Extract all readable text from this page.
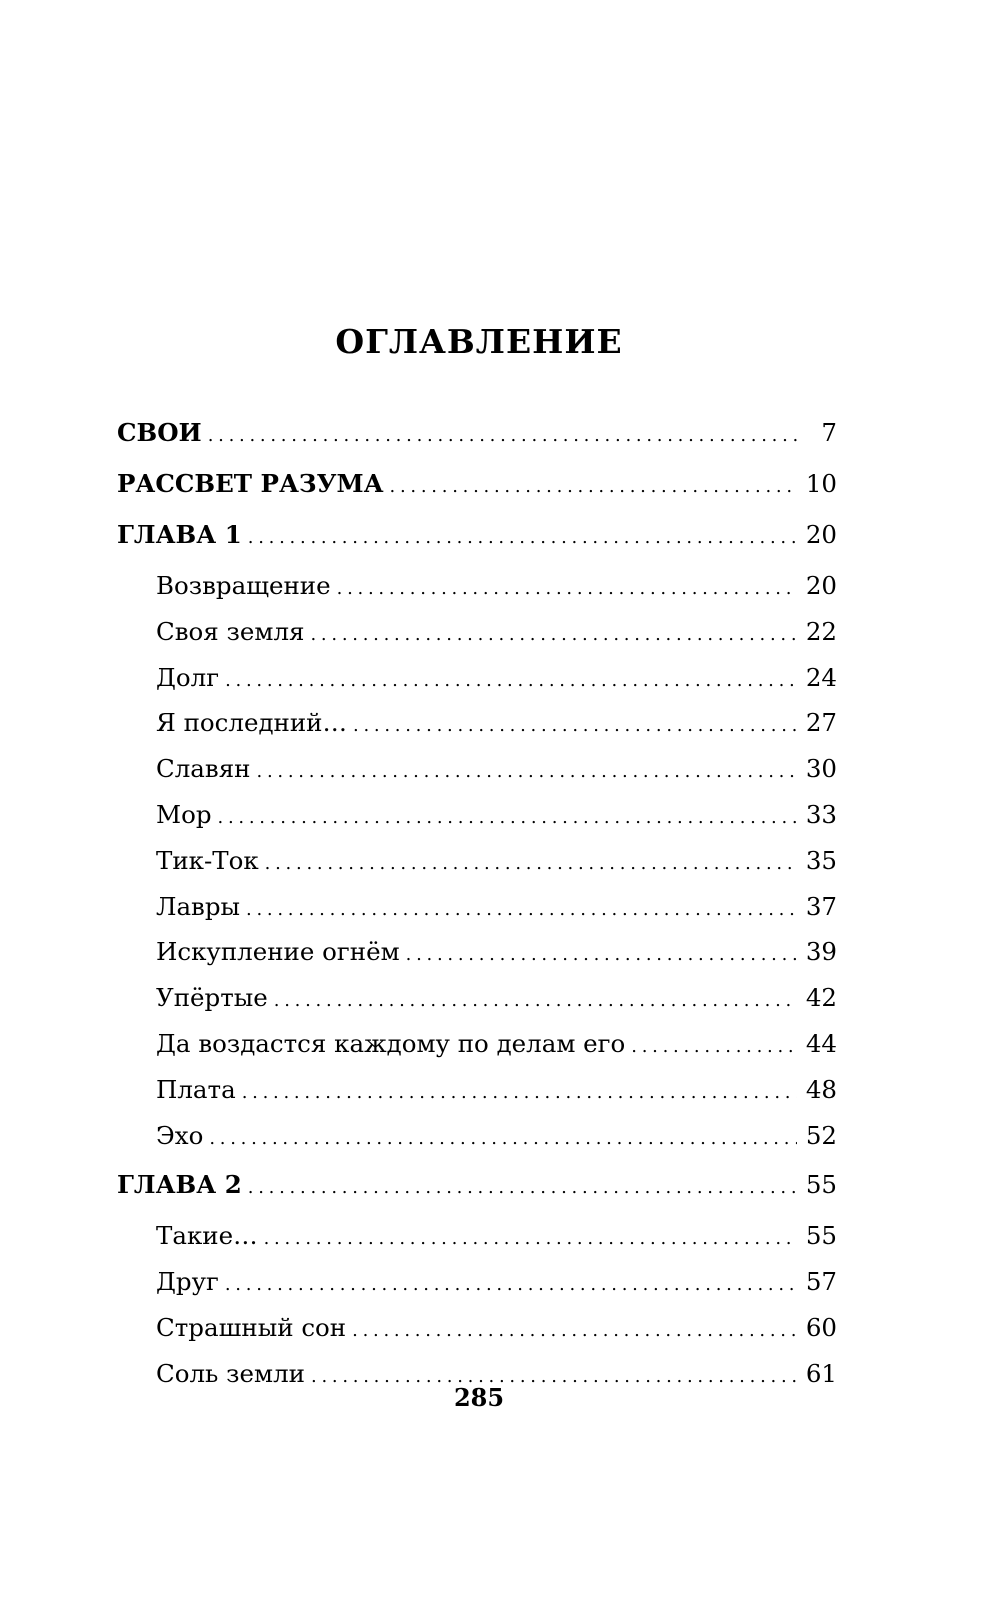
ОГЛАВЛЕНИЕ
СВОИ . . .	7
РАССВЕТ РАЗУМА . . .	10
ГЛАВА 1 . . .	20
Возвращение . . .	20
Своя земля . . .	22
Долг . . .	24
Я последний… . . .	27
Славян . . .	30
Мор . . .	33
Тик-Ток . . .	35
Лавры . . .	37
Искупление огнём . . .	39
Упёртые . . .	42
Да воздастся каждому по делам его . . .	44
Плата . . .	48
Эхо . . .	52
ГЛАВА 2 . . .	55
Такие… . . .	55
Друг . . .	57
Страшный сон . . .	60
Соль земли . . .	61
285
